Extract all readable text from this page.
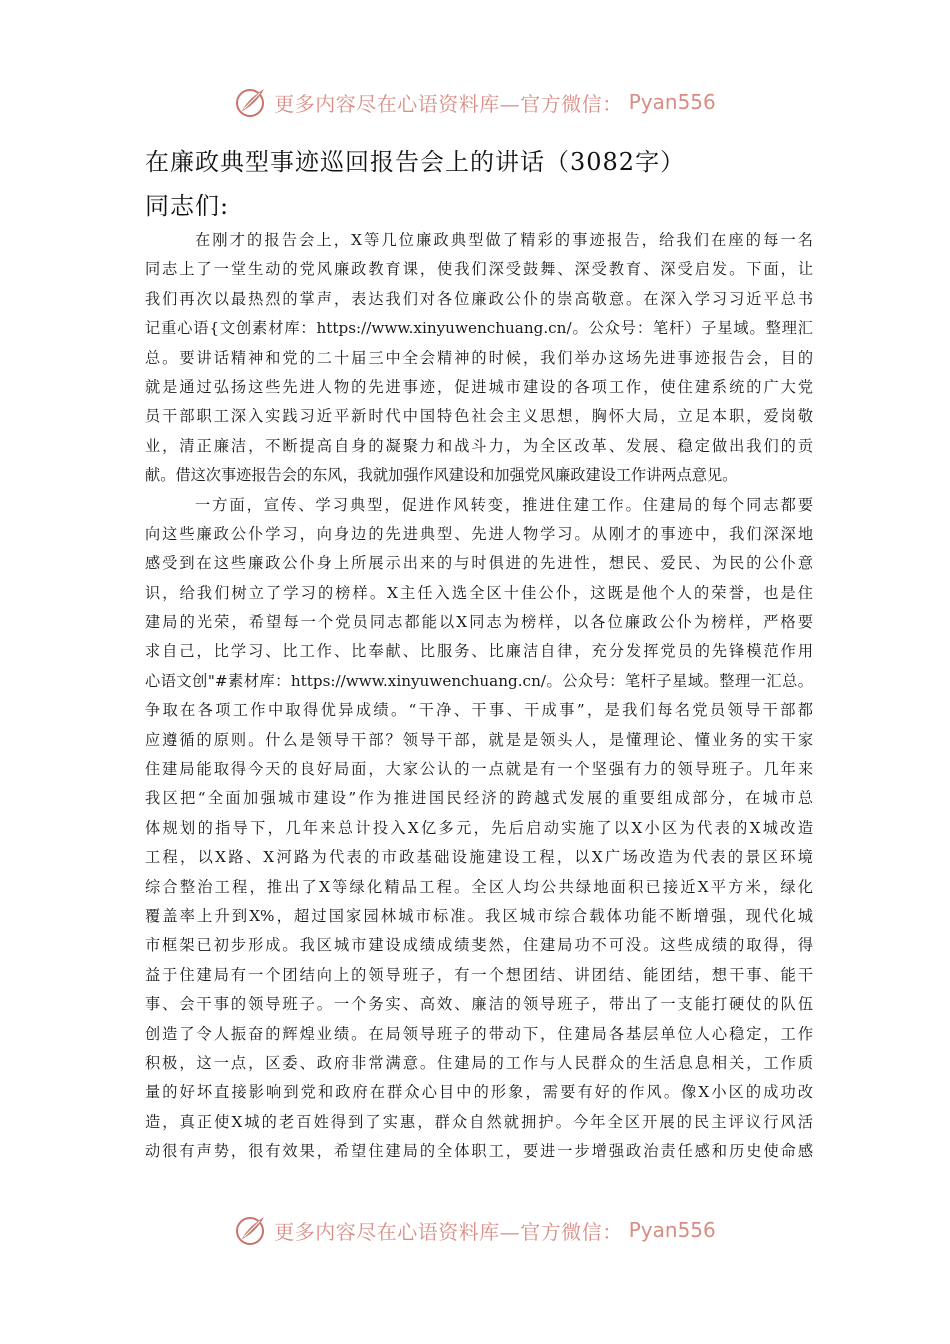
更多内容尽在心语资料库—官方微信： Pyan556
在廉政典型事迹巡回报告会上的讲话（3082字）
同志们:
在刚才的报告会上，X等几位廉政典型做了精彩的事迹报告，给我们在座的每一名
同志上了一堂生动的党风廉政教育课，使我们深受鼓舞、深受教育、深受启发。下面，让
我们再次以最热烈的掌声，表达我们对各位廉政公仆的崇高敬意。在深入学习习近平总书
记重心语{文创素材库：https://www.xinyuwenchuang.cn/。公众号：笔杆）子星域。整理汇
总。要讲话精神和党的二十届三中全会精神的时候，我们举办这场先进事迹报告会，目的
就是通过弘扬这些先进人物的先进事迹，促进城市建设的各项工作，使住建系统的广大党
员干部职工深入实践习近平新时代中国特色社会主义思想，胸怀大局，立足本职，爱岗敬
业，清正廉洁，不断提高自身的凝聚力和战斗力，为全区改革、发展、稳定做出我们的贡
献。借这次事迹报告会的东风，我就加强作风建设和加强党风廉政建设工作讲两点意见。
一方面，宣传、学习典型，促进作风转变，推进住建工作。住建局的每个同志都要
向这些廉政公仆学习，向身边的先进典型、先进人物学习。从刚才的事迹中，我们深深地
感受到在这些廉政公仆身上所展示出来的与时俱进的先进性，想民、爱民、为民的公仆意
识，给我们树立了学习的榜样。X主任入选全区十佳公仆，这既是他个人的荣誉，也是住
建局的光荣，希望每一个党员同志都能以X同志为榜样，以各位廉政公仆为榜样，严格要
求自己，比学习、比工作、比奉献、比服务、比廉洁自律，充分发挥党员的先锋模范作用
心语文创"#素材库：https://www.xinyuwenchuang.cn/。公众号：笔杆子星域。整理一汇总。
争取在各项工作中取得优异成绩。“干净、干事、干成事”，是我们每名党员领导干部都
应遵循的原则。什么是领导干部？领导干部，就是是领头人，是懂理论、懂业务的实干家
住建局能取得今天的良好局面，大家公认的一点就是有一个坚强有力的领导班子。几年来
我区把“全面加强城市建设”作为推进国民经济的跨越式发展的重要组成部分，在城市总
体规划的指导下，几年来总计投入X亿多元，先后启动实施了以X小区为代表的X城改造
工程，以X路、X河路为代表的市政基础设施建设工程，以X广场改造为代表的景区环境
综合整治工程，推出了X等绿化精品工程。全区人均公共绿地面积已接近X平方米，绿化
覆盖率上升到X%，超过国家园林城市标准。我区城市综合载体功能不断增强，现代化城
市框架已初步形成。我区城市建设成绩成绩斐然，住建局功不可没。这些成绩的取得，得
益于住建局有一个团结向上的领导班子，有一个想团结、讲团结、能团结，想干事、能干
事、会干事的领导班子。一个务实、高效、廉洁的领导班子，带出了一支能打硬仗的队伍
创造了令人振奋的辉煌业绩。在局领导班子的带动下，住建局各基层单位人心稳定，工作
积极，这一点，区委、政府非常满意。住建局的工作与人民群众的生活息息相关，工作质
量的好坏直接影响到党和政府在群众心目中的形象，需要有好的作风。像X小区的成功改
造，真正使X城的老百姓得到了实惠，群众自然就拥护。今年全区开展的民主评议行风活
动很有声势，很有效果，希望住建局的全体职工，要进一步增强政治责任感和历史使命感
更多内容尽在心语资料库—官方微信： Pyan556
